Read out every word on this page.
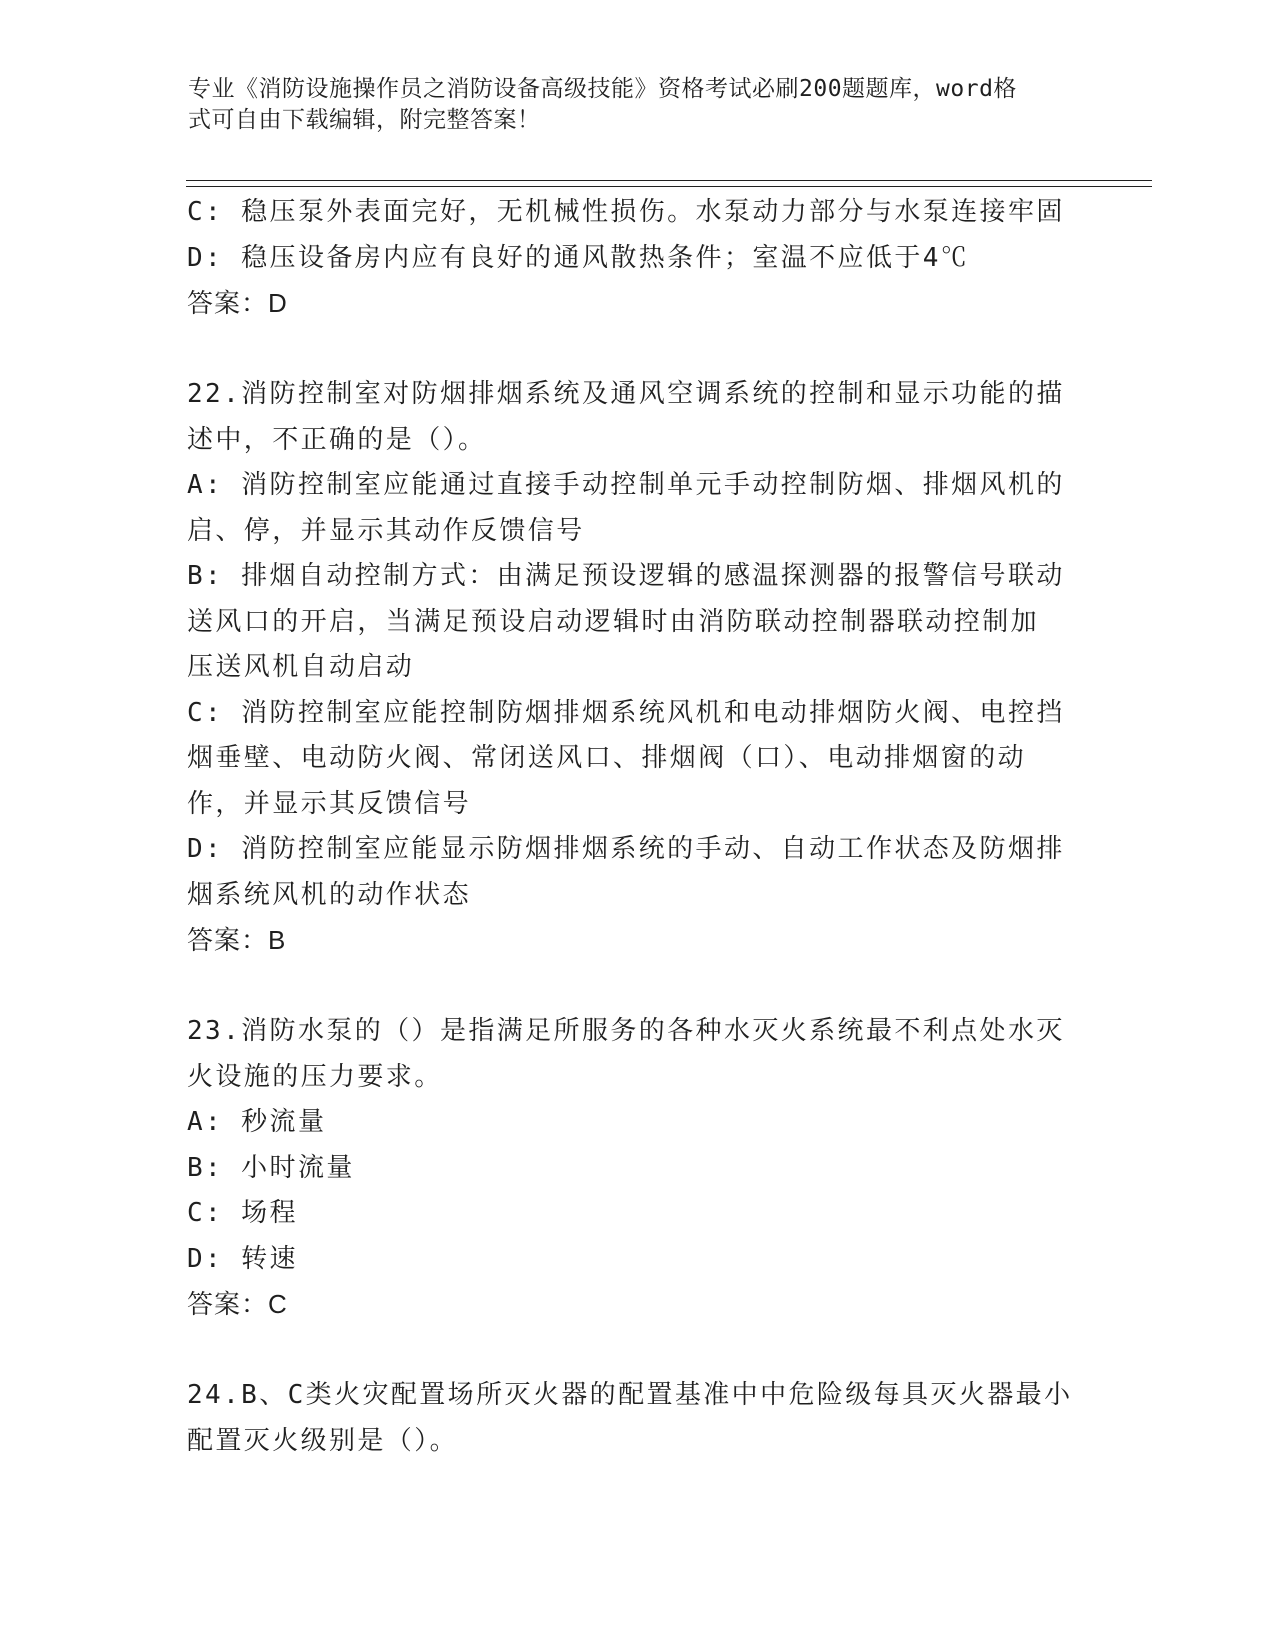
专业《消防设施操作员之消防设备高级技能》资格考试必刷200题题库，word格
式可自由下载编辑，附完整答案！
C: 稳压泵外表面完好，无机械性损伤。水泵动力部分与水泵连接牢固
D: 稳压设备房内应有良好的通风散热条件；室温不应低于4℃
答案：D
22.消防控制室对防烟排烟系统及通风空调系统的控制和显示功能的描
述中，不正确的是（）。
A: 消防控制室应能通过直接手动控制单元手动控制防烟、排烟风机的
启、停，并显示其动作反馈信号
B: 排烟自动控制方式：由满足预设逻辑的感温探测器的报警信号联动
送风口的开启，当满足预设启动逻辑时由消防联动控制器联动控制加
压送风机自动启动
C: 消防控制室应能控制防烟排烟系统风机和电动排烟防火阀、电控挡
烟垂壁、电动防火阀、常闭送风口、排烟阀（口）、电动排烟窗的动
作，并显示其反馈信号
D: 消防控制室应能显示防烟排烟系统的手动、自动工作状态及防烟排
烟系统风机的动作状态
答案：B
23.消防水泵的（）是指满足所服务的各种水灭火系统最不利点处水灭
火设施的压力要求。
A: 秒流量
B: 小时流量
C: 场程
D: 转速
答案：C
24.B、C类火灾配置场所灭火器的配置基准中中危险级每具灭火器最小
配置灭火级别是（）。
